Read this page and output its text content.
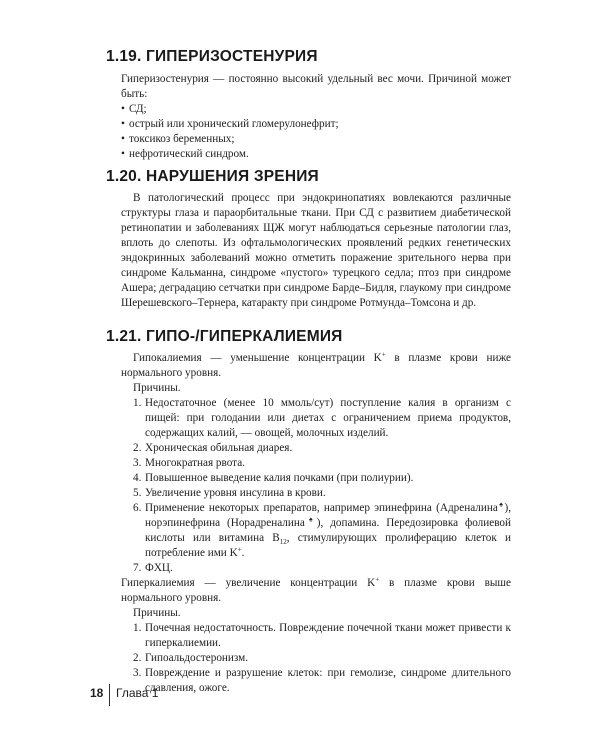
1.19. ГИПЕРИЗОСТЕНУРИЯ

Гиперизостенурия — постоянно высокий удельный вес мочи. Причиной может быть:

• СД;
• острый или хронический гломерулонефрит;
• токсикоз беременных;
• нефротический синдром.
1.20. НАРУШЕНИЯ ЗРЕНИЯ

В патологический процесс при эндокринопатиях вовлекаются различные структуры глаза и параорбитальные ткани. При СД с развитием диабетической ретинопатии и заболеваниях ЩЖ могут наблюдаться серьезные патологии глаз, вплоть до слепоты. Из офтальмологических проявлений редких генетических эндокринных заболеваний можно отметить поражение зрительного нерва при синдроме Кальманна, синдроме «пустого» турецкого седла; птоз при синдроме Ашера; деградацию сетчатки при синдроме Барде–Бидля, глаукому при синдроме Шерешевского–Тернера, катаракту при синдроме Ротмунда–Томсона и др.

1.21. ГИПО-/ГИПЕРКАЛИЕМИЯ

Гипокалиемия — уменьшение концентрации K+ в плазме крови ниже нормального уровня.

Причины.

1. Недостаточное (менее 10 ммоль/сут) поступление калия в организм с пищей: при голодании или диетах с ограничением приема продуктов, содержащих калий, — овощей, молочных изделий.
2. Хроническая обильная диарея.
3. Многократная рвота.
4. Повышенное выведение калия почками (при полиурии).
5. Увеличение уровня инсулина в крови.
6. Применение некоторых препаратов, например эпинефрина (Адреналина♠), норэпинефрина (Норадреналина♠), допамина. Передозировка фолиевой кислоты или витамина $B_{12}$, стимулирующих пролиферацию клеток и потребление ими K+.
7. ФХЦ.

Гиперкалиемия — увеличение концентрации K+ в плазме крови выше нормального уровня.

Причины.

1. Почечная недостаточность. Повреждение почечной ткани может привести к гиперкалиемии.
2. Гипоальдостеронизм.
3. Повреждение и разрушение клеток: при гемолизе, синдроме длительного сдавления, ожоге.
18 Глава 1
